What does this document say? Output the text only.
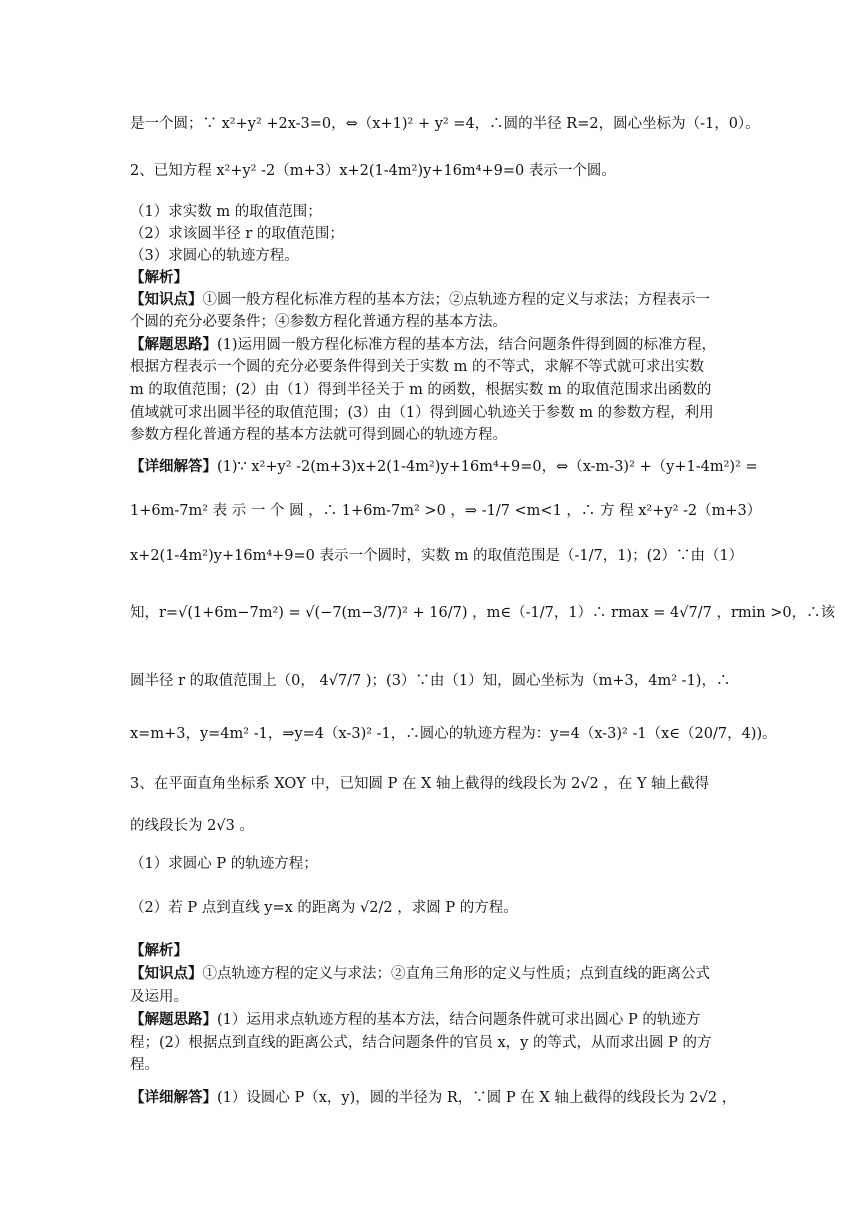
是一个圆；∵ x²+y² +2x-3=0，⇔（x+1)² + y² =4，∴圆的半径 R=2，圆心坐标为（-1，0）。
2、已知方程 x²+y² -2（m+3）x+2(1-4m²)y+16m⁴+9=0 表示一个圆。
（1）求实数 m 的取值范围；
（2）求该圆半径 r 的取值范围；
（3）求圆心的轨迹方程。
【解析】
【知识点】①圆一般方程化标准方程的基本方法；②点轨迹方程的定义与求法；方程表示一
个圆的充分必要条件；④参数方程化普通方程的基本方法。
【解题思路】(1)运用圆一般方程化标准方程的基本方法，结合问题条件得到圆的标准方程，
根据方程表示一个圆的充分必要条件得到关于实数 m 的不等式，求解不等式就可求出实数
m 的取值范围；(2）由（1）得到半径关于 m 的函数，根据实数 m 的取值范围求出函数的
值域就可求出圆半径的取值范围；(3）由（1）得到圆心轨迹关于参数 m 的参数方程，利用
参数方程化普通方程的基本方法就可得到圆心的轨迹方程。
【详细解答】(1)∵ x²+y² -2(m+3)x+2(1-4m²)y+16m⁴+9=0，⇔（x-m-3)² +（y+1-4m²)² =
1+6m-7m² 表 示 一 个 圆 ，∴ 1+6m-7m² >0 ，⇒ -1/7 <m<1 ，∴ 方 程 x²+y² -2（m+3）
x+2(1-4m²)y+16m⁴+9=0 表示一个圆时，实数 m 的取值范围是（-1/7，1)；(2）∵由（1）
知，r=√(1+6m−7m²) = √(−7(m−3/7)² + 16/7) ，m∈（-1/7，1）∴ rmax = 4√7/7 ，rmin >0，∴该
圆半径 r 的取值范围上（0， 4√7/7 )；(3）∵由（1）知，圆心坐标为（m+3，4m² -1)，∴
x=m+3，y=4m² -1，⇒y=4（x-3)² -1，∴圆心的轨迹方程为：y=4（x-3)² -1（x∈（20/7，4))。
3、在平面直角坐标系 XOY 中，已知圆 P 在 X 轴上截得的线段长为 2√2 ，在 Y 轴上截得
的线段长为 2√3 。
（1）求圆心 P 的轨迹方程；
（2）若 P 点到直线 y=x 的距离为 √2/2 ，求圆 P 的方程。
【解析】
【知识点】①点轨迹方程的定义与求法；②直角三角形的定义与性质；点到直线的距离公式
及运用。
【解题思路】(1）运用求点轨迹方程的基本方法，结合问题条件就可求出圆心 P 的轨迹方
程；(2）根据点到直线的距离公式，结合问题条件的官员 x，y 的等式，从而求出圆 P 的方
程。
【详细解答】(1）设圆心 P（x，y)，圆的半径为 R，∵圆 P 在 X 轴上截得的线段长为 2√2 ，
